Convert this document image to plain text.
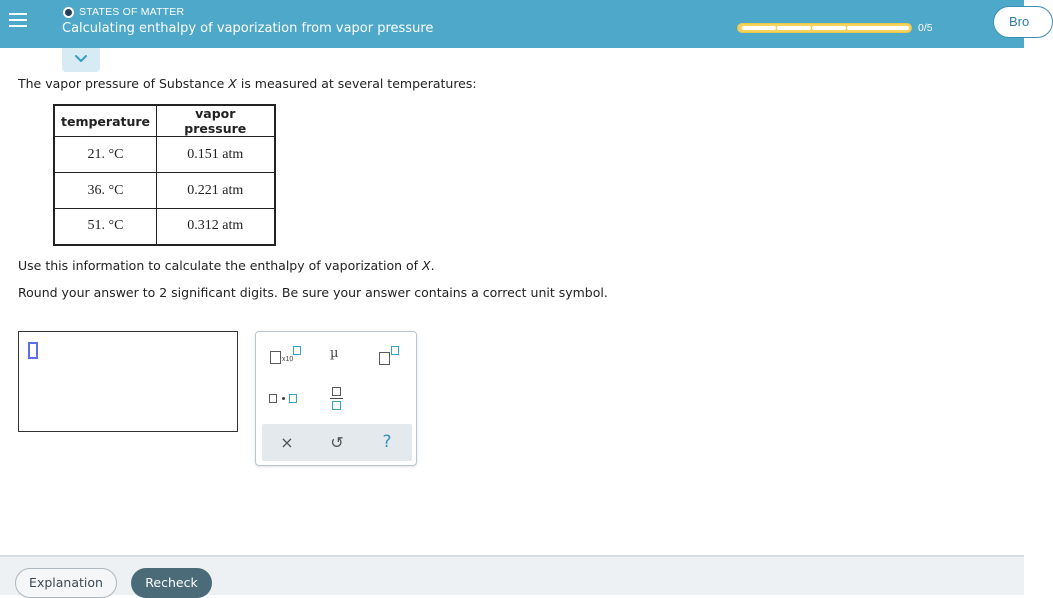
STATES OF MATTER
Calculating enthalpy of vaporization from vapor pressure	0/5	Bro
The vapor pressure of Substance X is measured at several temperatures:
temperature	vapor pressure
21. °C	0.151 atm
36. °C	0.221 atm
51. °C	0.312 atm
Use this information to calculate the enthalpy of vaporization of X.
Round your answer to 2 significant digits. Be sure your answer contains a correct unit symbol.
x10	µ
×	↺	?
Explanation	Recheck
